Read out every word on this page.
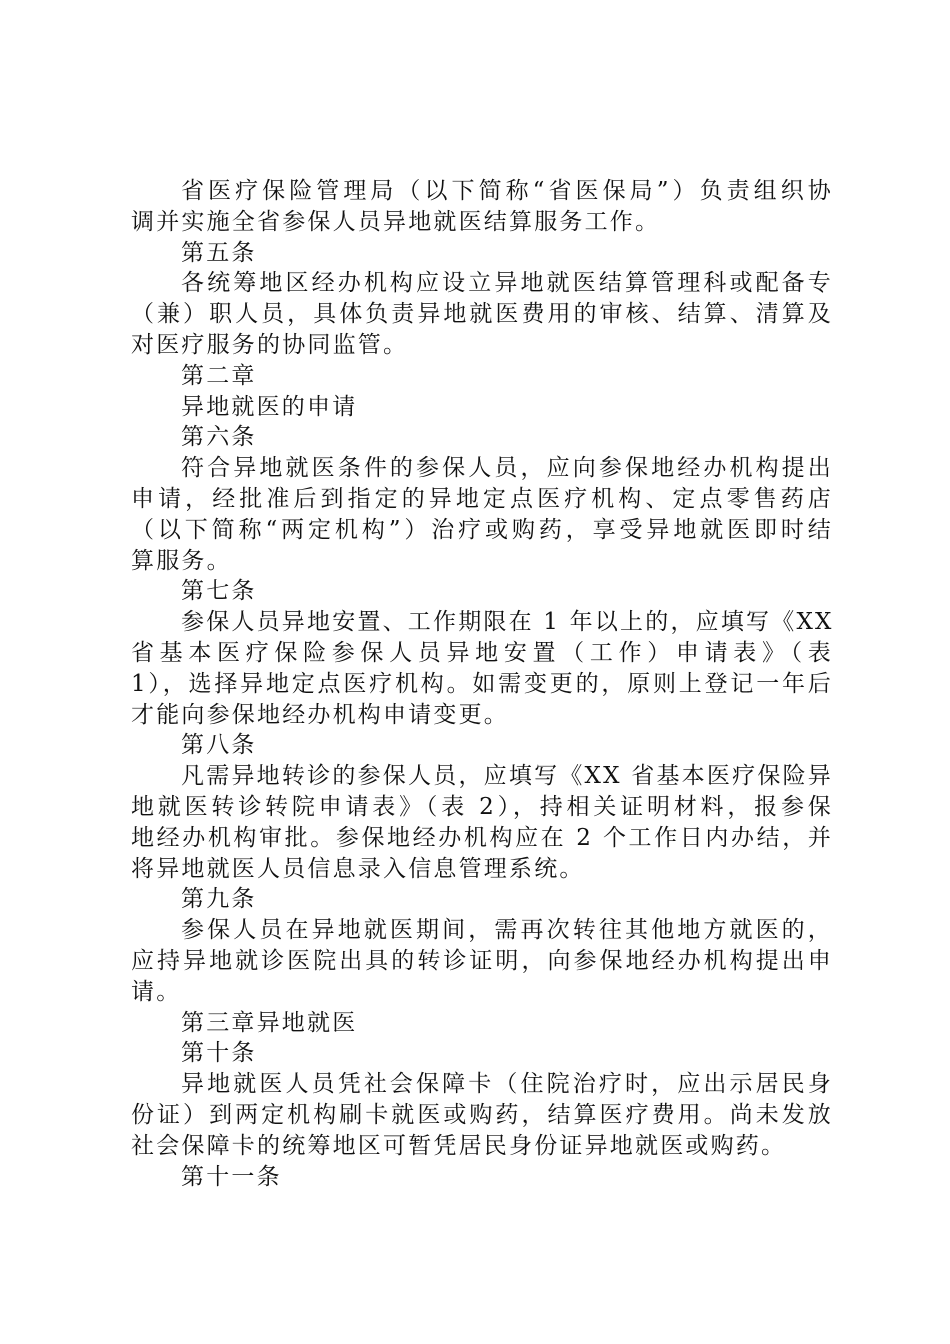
省医疗保险管理局（以下简称“省医保局”）负责组织协
调并实施全省参保人员异地就医结算服务工作。
第五条
各统筹地区经办机构应设立异地就医结算管理科或配备专
（兼）职人员，具体负责异地就医费用的审核、结算、清算及
对医疗服务的协同监管。
第二章
异地就医的申请
第六条
符合异地就医条件的参保人员，应向参保地经办机构提出
申请，经批准后到指定的异地定点医疗机构、定点零售药店
（以下简称“两定机构”）治疗或购药，享受异地就医即时结
算服务。
第七条
参保人员异地安置、工作期限在 1 年以上的，应填写《XX
省基本医疗保险参保人员异地安置（工作）申请表》（表
1），选择异地定点医疗机构。如需变更的，原则上登记一年后
才能向参保地经办机构申请变更。
第八条
凡需异地转诊的参保人员，应填写《XX 省基本医疗保险异
地就医转诊转院申请表》（表 2），持相关证明材料，报参保
地经办机构审批。参保地经办机构应在 2 个工作日内办结，并
将异地就医人员信息录入信息管理系统。
第九条
参保人员在异地就医期间，需再次转往其他地方就医的，
应持异地就诊医院出具的转诊证明，向参保地经办机构提出申
请。
第三章异地就医
第十条
异地就医人员凭社会保障卡（住院治疗时，应出示居民身
份证）到两定机构刷卡就医或购药，结算医疗费用。尚未发放
社会保障卡的统筹地区可暂凭居民身份证异地就医或购药。
第十一条
